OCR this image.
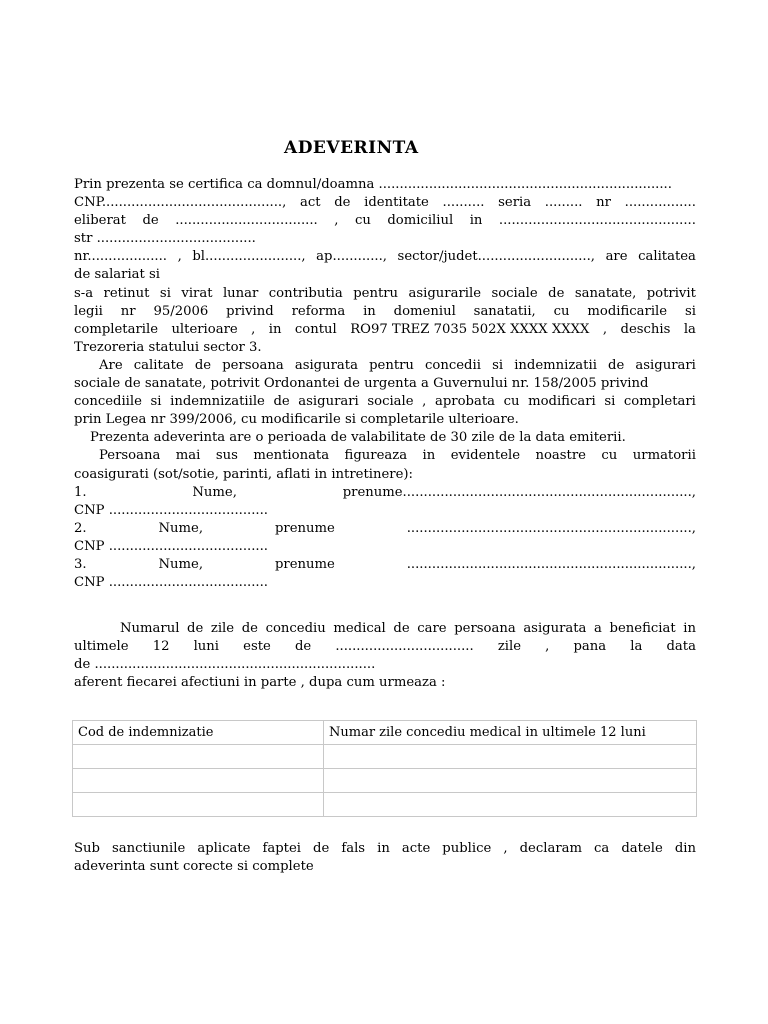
ADEVERINTA
Prin prezenta se certifica ca domnul/doamna ......................................................................
CNP..........................................., act de identitate .......... seria ......... nr .................
eliberat de .................................. , cu domiciliul in ...............................................
str ......................................
nr................... , bl......................., ap............, sector/judet..........................., are calitatea
de salariat si
s-a retinut si virat lunar contributia pentru asigurarile sociale de sanatate, potrivit
legii nr 95/2006 privind reforma in domeniul sanatatii, cu modificarile si
completarile ulterioare , in contul RO97 TREZ 7035 502X XXXX XXXX , deschis la
Trezoreria statului sector 3.
Are calitate de persoana asigurata pentru concedii si indemnizatii de asigurari
sociale de sanatate, potrivit Ordonantei de urgenta a Guvernului nr. 158/2005 privind
concediile si indemnizatiile de asigurari sociale , aprobata cu modificari si completari
prin Legea nr 399/2006, cu modificarile si completarile ulterioare.
Prezenta adeverinta are o perioada de valabilitate de 30 zile de la data emiterii.
Persoana mai sus mentionata figureaza in evidentele noastre cu urmatorii
coasigurati (sot/sotie, parinti, aflati in intretinere):
1.	Nume,	prenume.....................................................................,
CNP ......................................
2.	Nume,	prenume	....................................................................,
CNP ......................................
3.	Nume,	prenume	....................................................................,
CNP ......................................
Numarul de zile de concediu medical de care persoana asigurata a beneficiat in
ultimele 12 luni este de ................................. zile , pana la data
de ...................................................................
aferent fiecarei afectiuni in parte , dupa cum urmeaza :
Cod de indemnizatie	Numar zile concediu medical in ultimele 12 luni

Sub sanctiunile aplicate faptei de fals in acte publice , declaram ca datele din
adeverinta sunt corecte si complete
